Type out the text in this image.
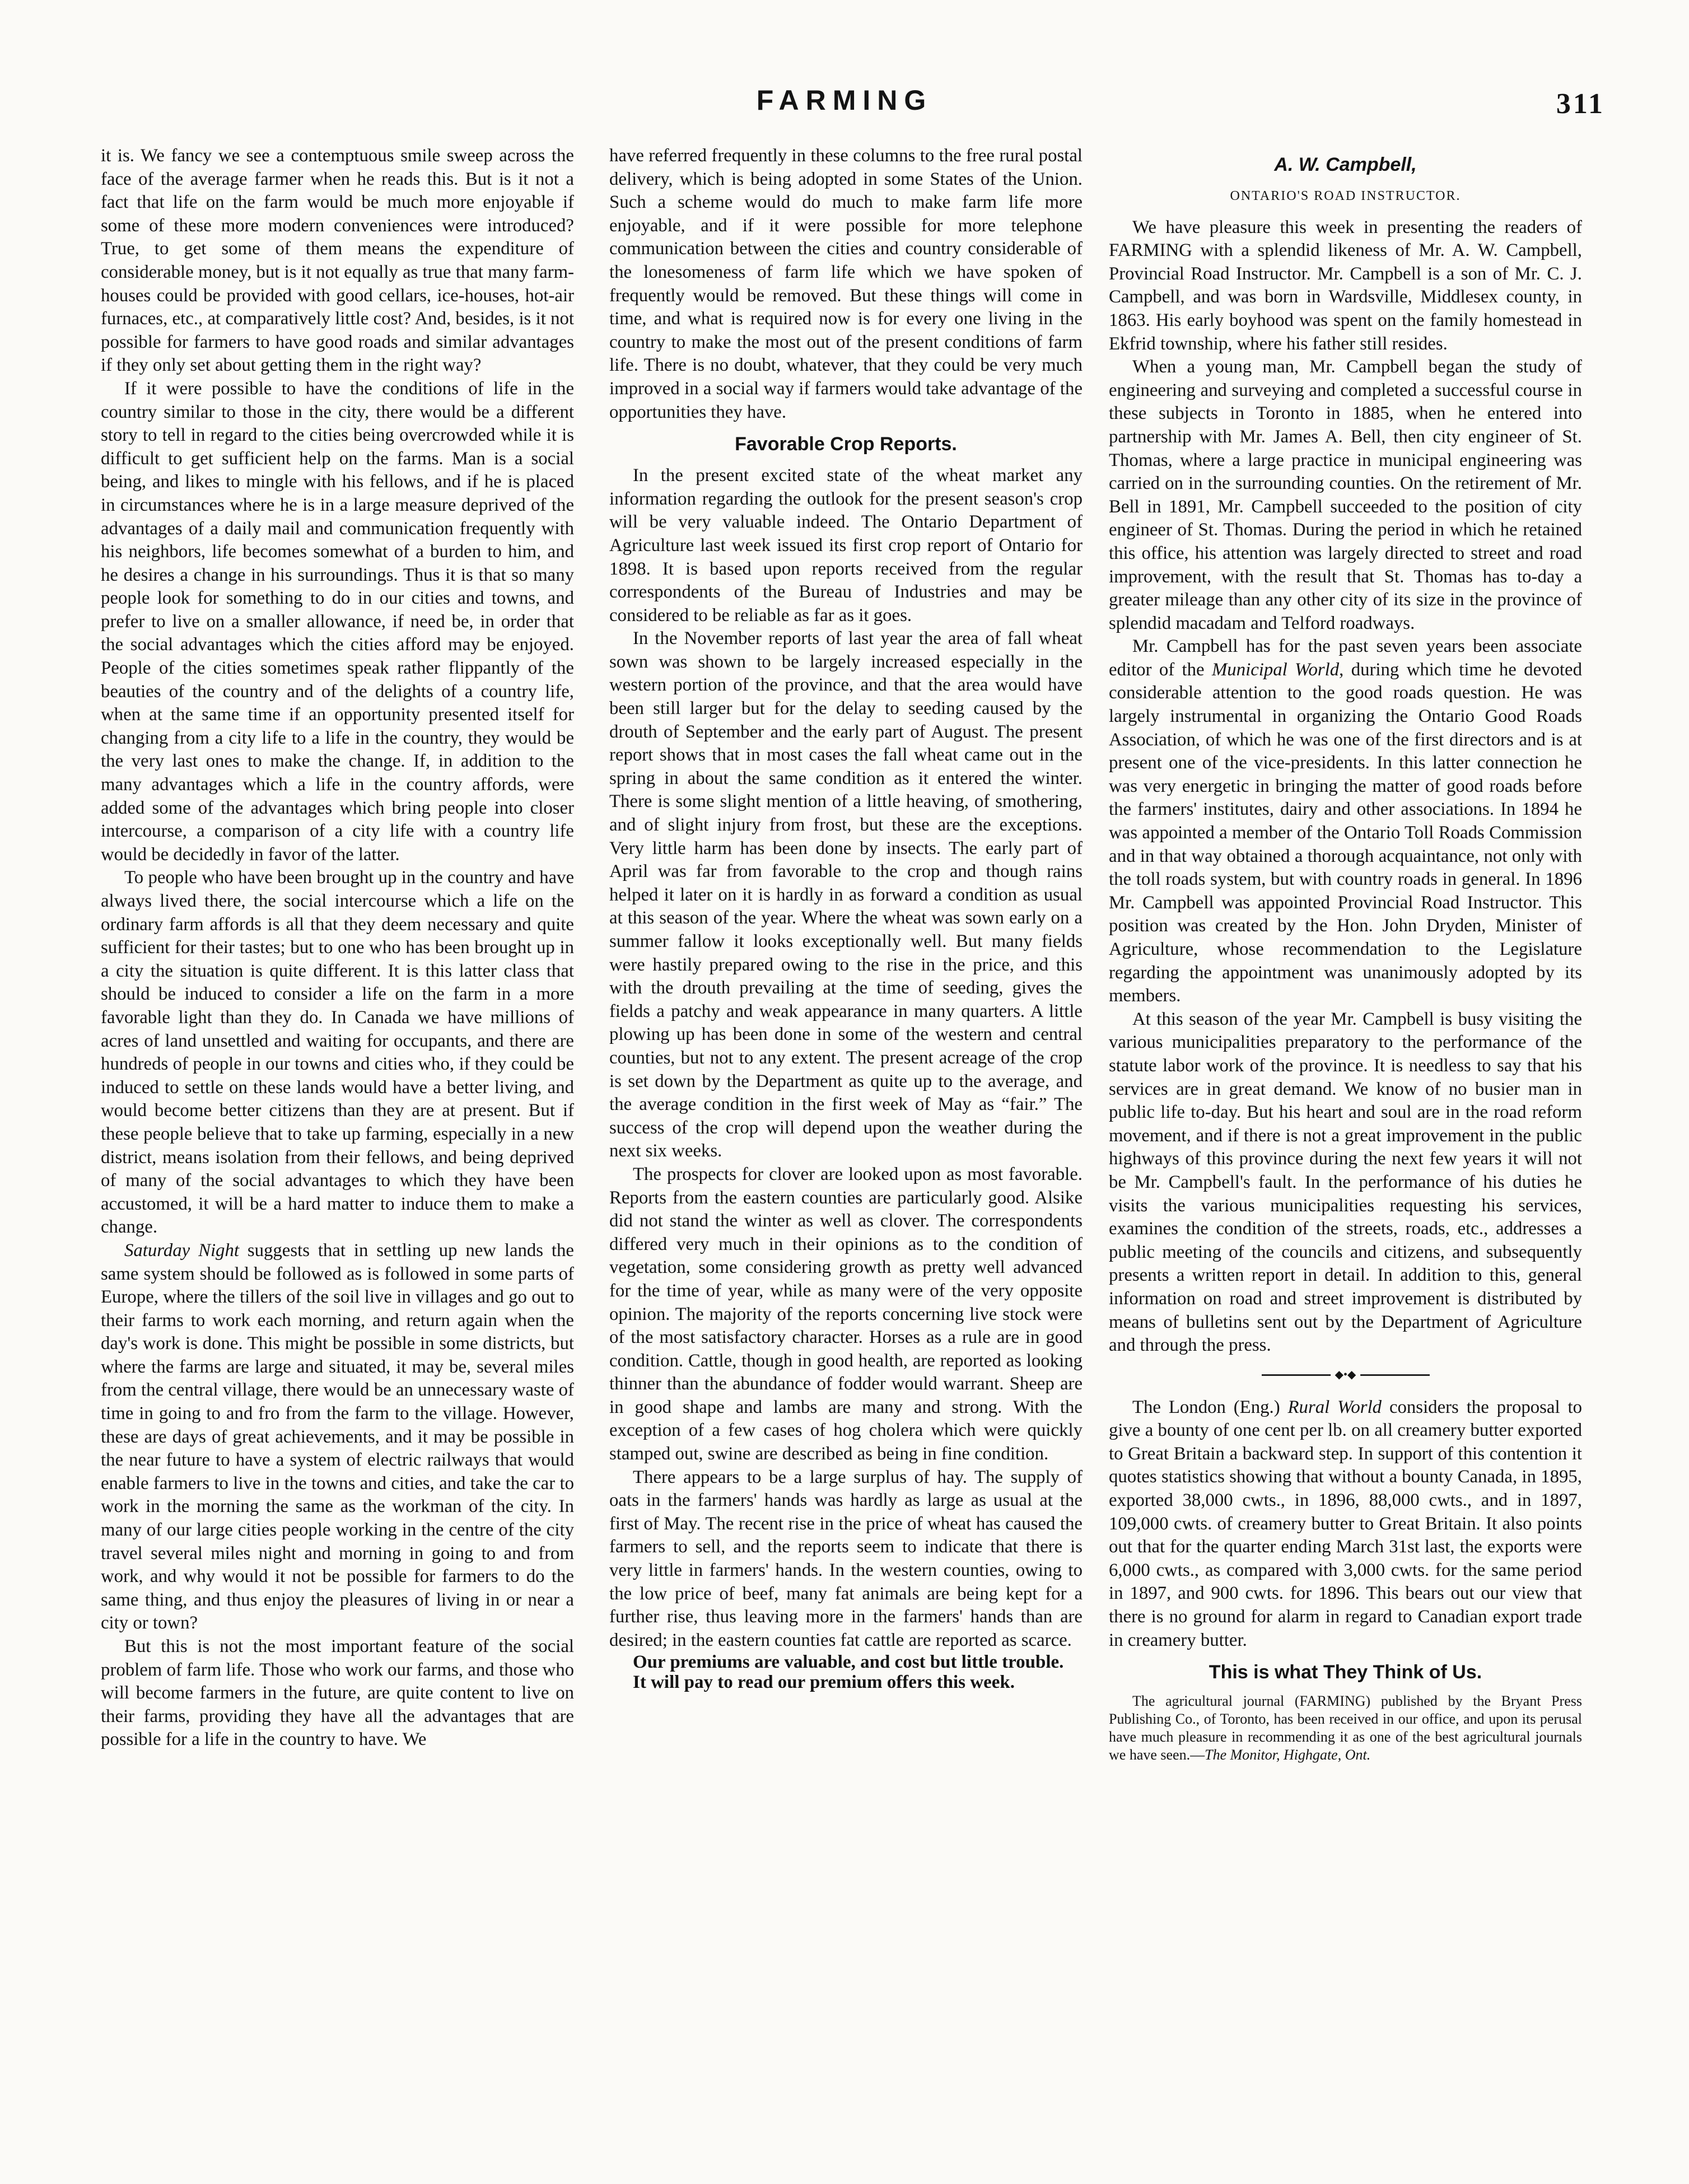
FARMING	311

it is. We fancy we see a contemptuous smile sweep across the face of the average farmer when he reads this. But is it not a fact that life on the farm would be much more enjoyable if some of these more modern conveniences were introduced? True, to get some of them means the expenditure of considerable money, but is it not equally as true that many farm-houses could be provided with good cellars, ice-houses, hot-air furnaces, etc., at comparatively little cost? And, besides, is it not possible for farmers to have good roads and similar advantages if they only set about getting them in the right way?

If it were possible to have the conditions of life in the country similar to those in the city, there would be a different story to tell in regard to the cities being overcrowded while it is difficult to get sufficient help on the farms. Man is a social being, and likes to mingle with his fellows, and if he is placed in circumstances where he is in a large measure deprived of the advantages of a daily mail and communication frequently with his neighbors, life becomes somewhat of a burden to him, and he desires a change in his surroundings. Thus it is that so many people look for something to do in our cities and towns, and prefer to live on a smaller allowance, if need be, in order that the social advantages which the cities afford may be enjoyed. People of the cities sometimes speak rather flippantly of the beauties of the country and of the delights of a country life, when at the same time if an opportunity presented itself for changing from a city life to a life in the country, they would be the very last ones to make the change. If, in addition to the many advantages which a life in the country affords, were added some of the advantages which bring people into closer intercourse, a comparison of a city life with a country life would be decidedly in favor of the latter.

To people who have been brought up in the country and have always lived there, the social intercourse which a life on the ordinary farm affords is all that they deem necessary and quite sufficient for their tastes; but to one who has been brought up in a city the situation is quite different. It is this latter class that should be induced to consider a life on the farm in a more favorable light than they do. In Canada we have millions of acres of land unsettled and waiting for occupants, and there are hundreds of people in our towns and cities who, if they could be induced to settle on these lands would have a better living, and would become better citizens than they are at present. But if these people believe that to take up farming, especially in a new district, means isolation from their fellows, and being deprived of many of the social advantages to which they have been accustomed, it will be a hard matter to induce them to make a change.

Saturday Night suggests that in settling up new lands the same system should be followed as is followed in some parts of Europe, where the tillers of the soil live in villages and go out to their farms to work each morning, and return again when the day's work is done. This might be possible in some districts, but where the farms are large and situated, it may be, several miles from the central village, there would be an unnecessary waste of time in going to and fro from the farm to the village. However, these are days of great achievements, and it may be possible in the near future to have a system of electric railways that would enable farmers to live in the towns and cities, and take the car to work in the morning the same as the workman of the city. In many of our large cities people working in the centre of the city travel several miles night and morning in going to and from work, and why would it not be possible for farmers to do the same thing, and thus enjoy the pleasures of living in or near a city or town?

But this is not the most important feature of the social problem of farm life. Those who work our farms, and those who will become farmers in the future, are quite content to live on their farms, providing they have all the advantages that are possible for a life in the country to have. We

have referred frequently in these columns to the free rural postal delivery, which is being adopted in some States of the Union. Such a scheme would do much to make farm life more enjoyable, and if it were possible for more telephone communication between the cities and country considerable of the lonesomeness of farm life which we have spoken of frequently would be removed. But these things will come in time, and what is required now is for every one living in the country to make the most out of the present conditions of farm life. There is no doubt, whatever, that they could be very much improved in a social way if farmers would take advantage of the opportunities they have.

Favorable Crop Reports.

In the present excited state of the wheat market any information regarding the outlook for the present season's crop will be very valuable indeed. The Ontario Department of Agriculture last week issued its first crop report of Ontario for 1898. It is based upon reports received from the regular correspondents of the Bureau of Industries and may be considered to be reliable as far as it goes.

In the November reports of last year the area of fall wheat sown was shown to be largely increased especially in the western portion of the province, and that the area would have been still larger but for the delay to seeding caused by the drouth of September and the early part of August. The present report shows that in most cases the fall wheat came out in the spring in about the same condition as it entered the winter. There is some slight mention of a little heaving, of smothering, and of slight injury from frost, but these are the exceptions. Very little harm has been done by insects. The early part of April was far from favorable to the crop and though rains helped it later on it is hardly in as forward a condition as usual at this season of the year. Where the wheat was sown early on a summer fallow it looks exceptionally well. But many fields were hastily prepared owing to the rise in the price, and this with the drouth prevailing at the time of seeding, gives the fields a patchy and weak appearance in many quarters. A little plowing up has been done in some of the western and central counties, but not to any extent. The present acreage of the crop is set down by the Department as quite up to the average, and the average condition in the first week of May as “fair.” The success of the crop will depend upon the weather during the next six weeks.

The prospects for clover are looked upon as most favorable. Reports from the eastern counties are particularly good. Alsike did not stand the winter as well as clover. The correspondents differed very much in their opinions as to the condition of vegetation, some considering growth as pretty well advanced for the time of year, while as many were of the very opposite opinion. The majority of the reports concerning live stock were of the most satisfactory character. Horses as a rule are in good condition. Cattle, though in good health, are reported as looking thinner than the abundance of fodder would warrant. Sheep are in good shape and lambs are many and strong. With the exception of a few cases of hog cholera which were quickly stamped out, swine are described as being in fine condition.

There appears to be a large surplus of hay. The supply of oats in the farmers' hands was hardly as large as usual at the first of May. The recent rise in the price of wheat has caused the farmers to sell, and the reports seem to indicate that there is very little in farmers' hands. In the western counties, owing to the low price of beef, many fat animals are being kept for a further rise, thus leaving more in the farmers' hands than are desired; in the eastern counties fat cattle are reported as scarce.

Our premiums are valuable, and cost but little trouble.

It will pay to read our premium offers this week.

A. W. Campbell,
ONTARIO'S ROAD INSTRUCTOR.

We have pleasure this week in presenting the readers of FARMING with a splendid likeness of Mr. A. W. Campbell, Provincial Road Instructor. Mr. Campbell is a son of Mr. C. J. Campbell, and was born in Wardsville, Middlesex county, in 1863. His early boyhood was spent on the family homestead in Ekfrid township, where his father still resides.

When a young man, Mr. Campbell began the study of engineering and surveying and completed a successful course in these subjects in Toronto in 1885, when he entered into partnership with Mr. James A. Bell, then city engineer of St. Thomas, where a large practice in municipal engineering was carried on in the surrounding counties. On the retirement of Mr. Bell in 1891, Mr. Campbell succeeded to the position of city engineer of St. Thomas. During the period in which he retained this office, his attention was largely directed to street and road improvement, with the result that St. Thomas has to-day a greater mileage than any other city of its size in the province of splendid macadam and Telford roadways.

Mr. Campbell has for the past seven years been associate editor of the Municipal World, during which time he devoted considerable attention to the good roads question. He was largely instrumental in organizing the Ontario Good Roads Association, of which he was one of the first directors and is at present one of the vice-presidents. In this latter connection he was very energetic in bringing the matter of good roads before the farmers' institutes, dairy and other associations. In 1894 he was appointed a member of the Ontario Toll Roads Commission and in that way obtained a thorough acquaintance, not only with the toll roads system, but with country roads in general. In 1896 Mr. Campbell was appointed Provincial Road Instructor. This position was created by the Hon. John Dryden, Minister of Agriculture, whose recommendation to the Legislature regarding the appointment was unanimously adopted by its members.

At this season of the year Mr. Campbell is busy visiting the various municipalities preparatory to the performance of the statute labor work of the province. It is needless to say that his services are in great demand. We know of no busier man in public life to-day. But his heart and soul are in the road reform movement, and if there is not a great improvement in the public highways of this province during the next few years it will not be Mr. Campbell's fault. In the performance of his duties he visits the various municipalities requesting his services, examines the condition of the streets, roads, etc., addresses a public meeting of the councils and citizens, and subsequently presents a written report in detail. In addition to this, general information on road and street improvement is distributed by means of bulletins sent out by the Department of Agriculture and through the press.

◆•◆

The London (Eng.) Rural World considers the proposal to give a bounty of one cent per lb. on all creamery butter exported to Great Britain a backward step. In support of this contention it quotes statistics showing that without a bounty Canada, in 1895, exported 38,000 cwts., in 1896, 88,000 cwts., and in 1897, 109,000 cwts. of creamery butter to Great Britain. It also points out that for the quarter ending March 31st last, the exports were 6,000 cwts., as compared with 3,000 cwts. for the same period in 1897, and 900 cwts. for 1896. This bears out our view that there is no ground for alarm in regard to Canadian export trade in creamery butter.

This is what They Think of Us.

The agricultural journal (FARMING) published by the Bryant Press Publishing Co., of Toronto, has been received in our office, and upon its perusal have much pleasure in recommending it as one of the best agricultural journals we have seen.—The Monitor, Highgate, Ont.
